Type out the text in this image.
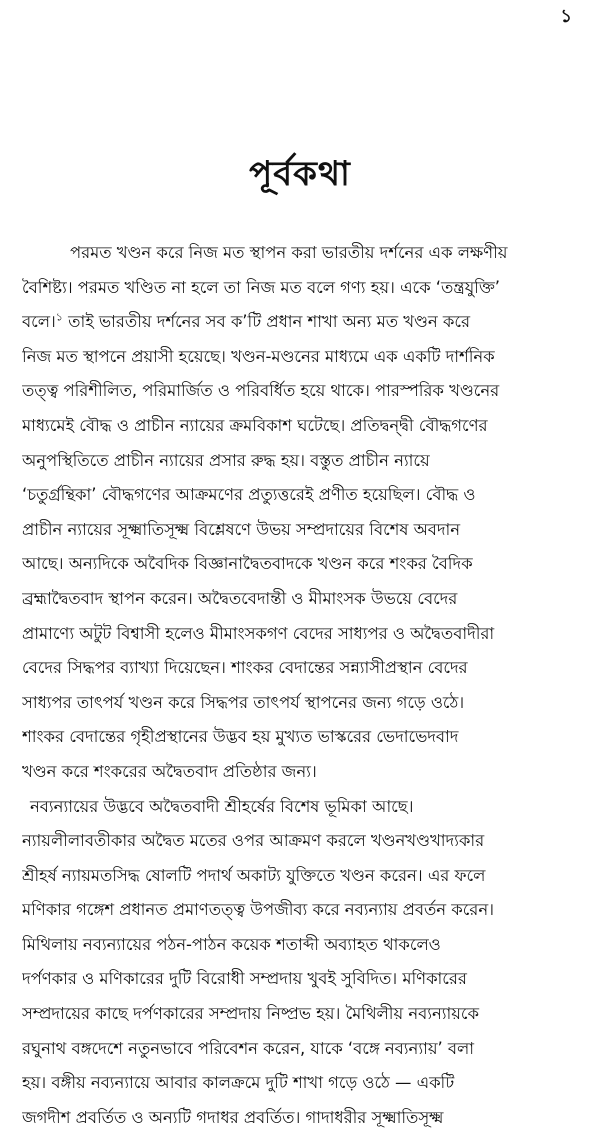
১
পূর্বকথা
পরমত খণ্ডন করে নিজ মত স্থাপন করা ভারতীয় দর্শনের এক লক্ষণীয়
বৈশিষ্ট্য। পরমত খণ্ডিত না হলে তা নিজ মত বলে গণ্য হয়। একে ‘তন্ত্রযুক্তি’
বলে।$^১$ তাই ভারতীয় দর্শনের সব ক’টি প্রধান শাখা অন্য মত খণ্ডন করে
নিজ মত স্থাপনে প্রয়াসী হয়েছে। খণ্ডন-মণ্ডনের মাধ্যমে এক একটি দার্শনিক
তত্ত্ব পরিশীলিত, পরিমার্জিত ও পরিবর্ধিত হয়ে থাকে। পারস্পরিক খণ্ডনের
মাধ্যমেই বৌদ্ধ ও প্রাচীন ন্যায়ের ক্রমবিকাশ ঘটেছে। প্রতিদ্বন্দ্বী বৌদ্ধগণের
অনুপস্থিতিতে প্রাচীন ন্যায়ের প্রসার রুদ্ধ হয়। বস্তুত প্রাচীন ন্যায়ে
‘চতুর্গ্রন্থিকা’ বৌদ্ধগণের আক্রমণের প্রত্যুত্তরেই প্রণীত হয়েছিল। বৌদ্ধ ও
প্রাচীন ন্যায়ের সূক্ষ্মাতিসূক্ষ্ম বিশ্লেষণে উভয় সম্প্রদায়ের বিশেষ অবদান
আছে। অন্যদিকে অবৈদিক বিজ্ঞানাদ্বৈতবাদকে খণ্ডন করে শংকর বৈদিক
ব্রহ্মাদ্বৈতবাদ স্থাপন করেন। অদ্বৈতবেদান্তী ও মীমাংসক উভয়ে বেদের
প্রামাণ্যে অটুট বিশ্বাসী হলেও মীমাংসকগণ বেদের সাধ্যপর ও অদ্বৈতবাদীরা
বেদের সিদ্ধপর ব্যাখ্যা দিয়েছেন। শাংকর বেদান্তের সন্ন্যাসীপ্রস্থান বেদের
সাধ্যপর তাৎপর্য খণ্ডন করে সিদ্ধপর তাৎপর্য স্থাপনের জন্য গড়ে ওঠে।
শাংকর বেদান্তের গৃহীপ্রস্থানের উদ্ভব হয় মুখ্যত ভাস্করের ভেদাভেদবাদ
খণ্ডন করে শংকরের অদ্বৈতবাদ প্রতিষ্ঠার জন্য।
নব্যন্যায়ের উদ্ভবে অদ্বৈতবাদী শ্রীহর্ষের বিশেষ ভূমিকা আছে।
ন্যায়লীলাবতীকার অদ্বৈত মতের ওপর আক্রমণ করলে খণ্ডনখণ্ডখাদ্যকার
শ্রীহর্ষ ন্যায়মতসিদ্ধ ষোলটি পদার্থ অকাট্য যুক্তিতে খণ্ডন করেন। এর ফলে
মণিকার গঙ্গেশ প্রধানত প্রমাণতত্ত্ব উপজীব্য করে নব্যন্যায় প্রবর্তন করেন।
মিথিলায় নব্যন্যায়ের পঠন-পাঠন কয়েক শতাব্দী অব্যাহত থাকলেও
দর্পণকার ও মণিকারের দুটি বিরোধী সম্প্রদায় খুবই সুবিদিত। মণিকারের
সম্প্রদায়ের কাছে দর্পণকারের সম্প্রদায় নিষ্প্রভ হয়। মৈথিলীয় নব্যন্যায়কে
রঘুনাথ বঙ্গদেশে নতুনভাবে পরিবেশন করেন, যাকে ‘বঙ্গে নব্যন্যায়’ বলা
হয়। বঙ্গীয় নব্যন্যায়ে আবার কালক্রমে দুটি শাখা গড়ে ওঠে — একটি
জগদীশ প্রবর্তিত ও অন্যটি গদাধর প্রবর্তিত। গাদাধরীর সূক্ষ্মাতিসূক্ষ্ম
